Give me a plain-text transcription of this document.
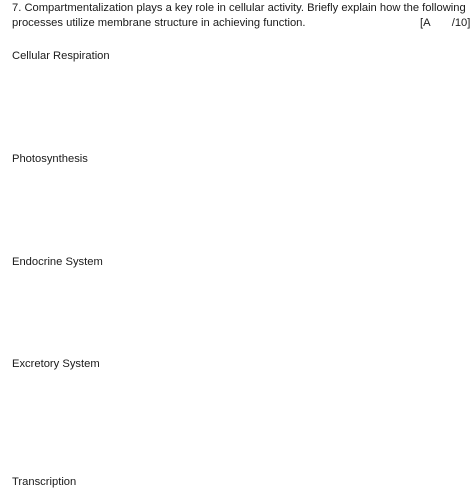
7. Compartmentalization plays a key role in cellular activity. Briefly explain how the following
processes utilize membrane structure in achieving function.	[A       /10]
Cellular Respiration
Photosynthesis
Endocrine System
Excretory System
Transcription
